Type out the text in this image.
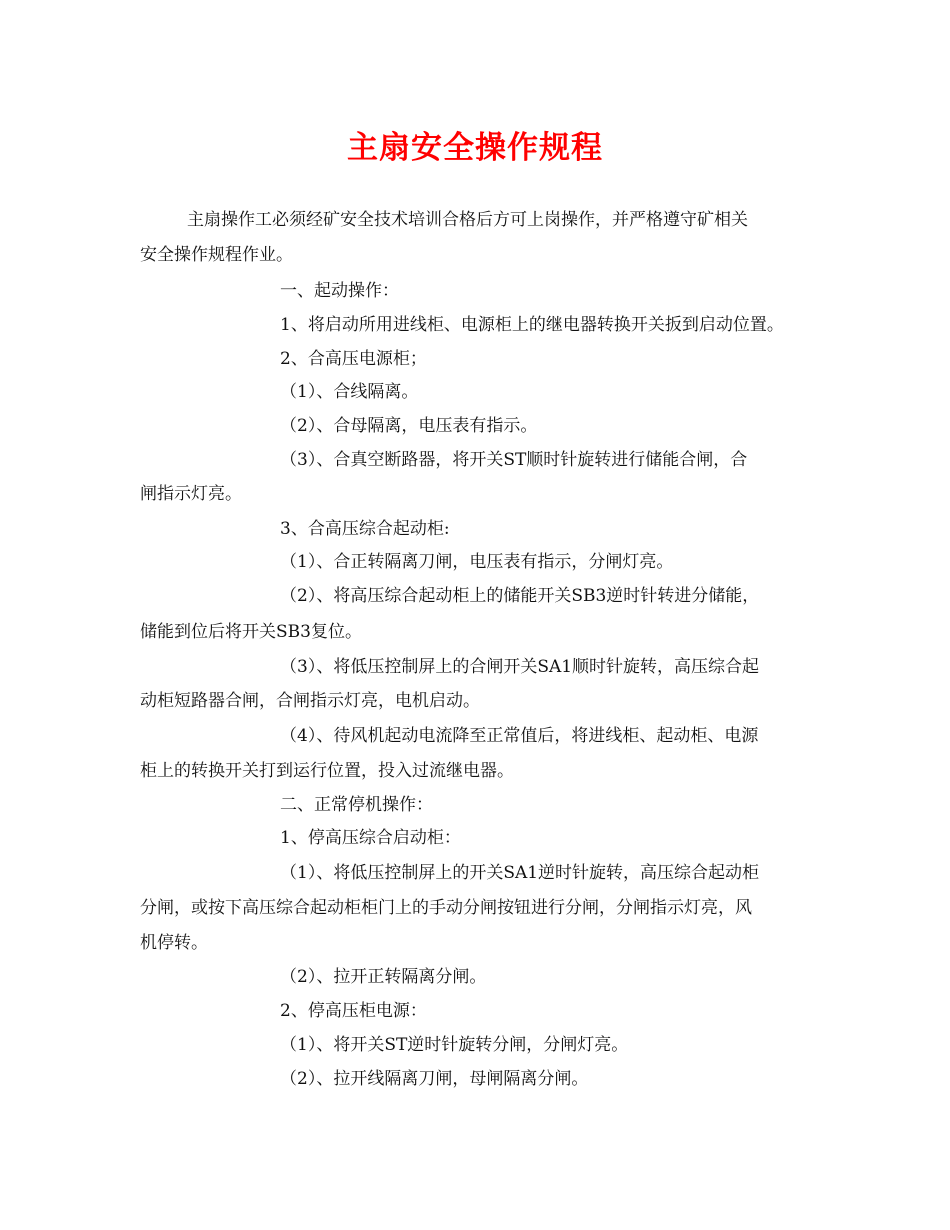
主扇安全操作规程

主扇操作工必须经矿安全技术培训合格后方可上岗操作，并严格遵守矿相关

安全操作规程作业。

一、起动操作：

1、将启动所用进线柜、电源柜上的继电器转换开关扳到启动位置。

2、合高压电源柜；

（1）、合线隔离。

（2）、合母隔离，电压表有指示。

（3）、合真空断路器，将开关ST顺时针旋转进行储能合闸，合

闸指示灯亮。

3、合高压综合起动柜:

（1）、合正转隔离刀闸，电压表有指示，分闸灯亮。

（2）、将高压综合起动柜上的储能开关SB3逆时针转进分储能，

储能到位后将开关SB3复位。

（3）、将低压控制屏上的合闸开关SA1顺时针旋转，高压综合起

动柜短路器合闸，合闸指示灯亮，电机启动。

（4）、待风机起动电流降至正常值后，将进线柜、起动柜、电源

柜上的转换开关打到运行位置，投入过流继电器。

二、正常停机操作：

1、停高压综合启动柜：

（1）、将低压控制屏上的开关SA1逆时针旋转，高压综合起动柜

分闸，或按下高压综合起动柜柜门上的手动分闸按钮进行分闸，分闸指示灯亮，风

机停转。

（2）、拉开正转隔离分闸。

2、停高压柜电源：

（1）、将开关ST逆时针旋转分闸，分闸灯亮。

（2）、拉开线隔离刀闸，母闸隔离分闸。
